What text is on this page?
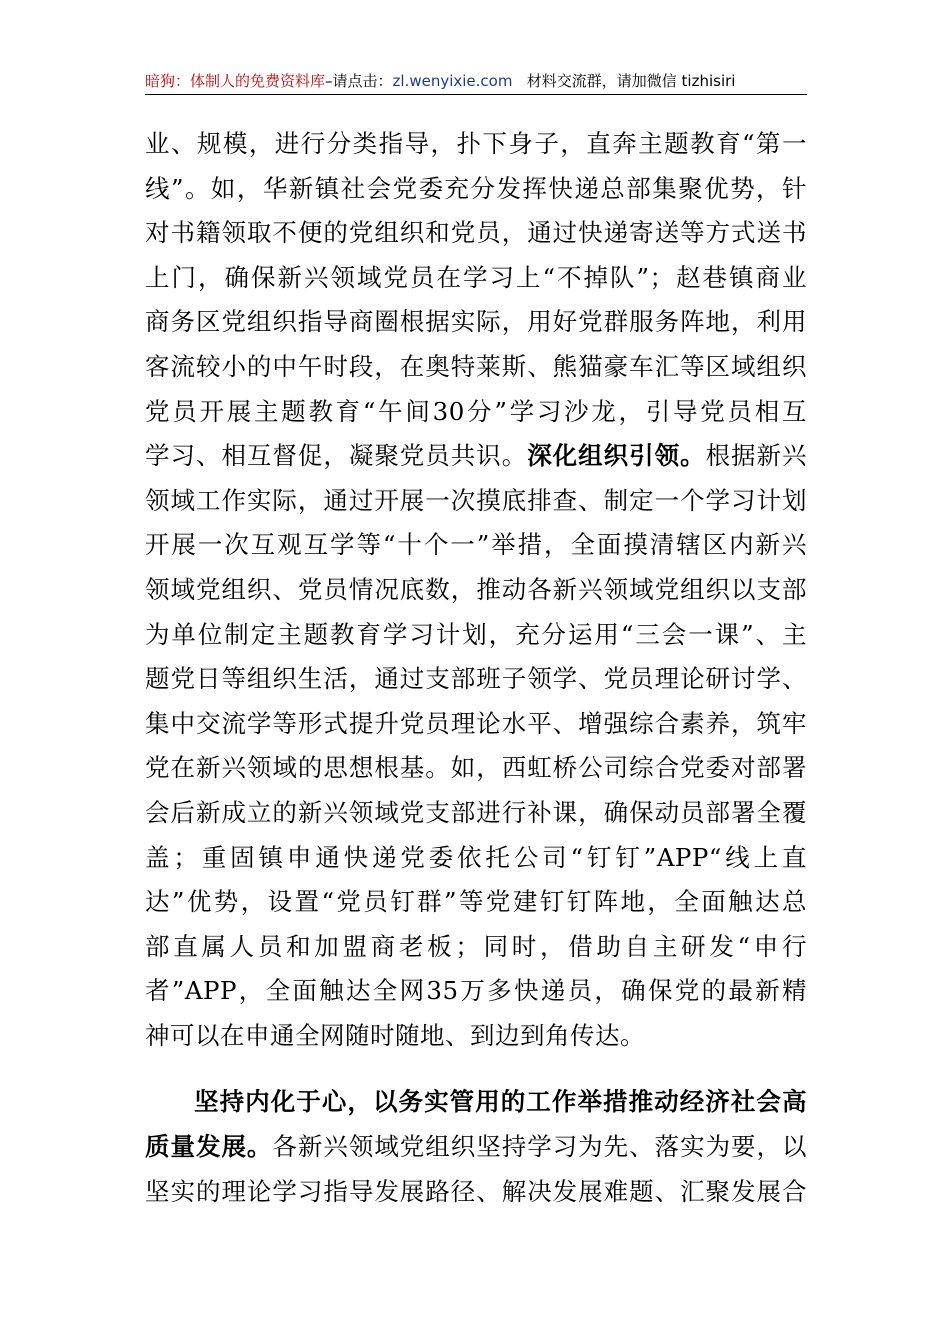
暗狗：体制人的免费资料库–请点击：zl.wenyixie.com 材料交流群，请加微信 tizhisiri
业、规模，进行分类指导，扑下身子，直奔主题教育“第一
线”。如，华新镇社会党委充分发挥快递总部集聚优势，针
对书籍领取不便的党组织和党员，通过快递寄送等方式送书
上门，确保新兴领域党员在学习上“不掉队”；赵巷镇商业
商务区党组织指导商圈根据实际，用好党群服务阵地，利用
客流较小的中午时段，在奥特莱斯、熊猫豪车汇等区域组织
党员开展主题教育“午间30分”学习沙龙，引导党员相互
学习、相互督促，凝聚党员共识。深化组织引领。根据新兴
领域工作实际，通过开展一次摸底排查、制定一个学习计划
开展一次互观互学等“十个一”举措，全面摸清辖区内新兴
领域党组织、党员情况底数，推动各新兴领域党组织以支部
为单位制定主题教育学习计划，充分运用“三会一课”、主
题党日等组织生活，通过支部班子领学、党员理论研讨学、
集中交流学等形式提升党员理论水平、增强综合素养，筑牢
党在新兴领域的思想根基。如，西虹桥公司综合党委对部署
会后新成立的新兴领域党支部进行补课，确保动员部署全覆
盖；重固镇申通快递党委依托公司“钉钉”APP“线上直
达”优势，设置“党员钉群”等党建钉钉阵地，全面触达总
部直属人员和加盟商老板；同时，借助自主研发“申行
者”APP，全面触达全网35万多快递员，确保党的最新精
神可以在申通全网随时随地、到边到角传达。
坚持内化于心，以务实管用的工作举措推动经济社会高
质量发展。各新兴领域党组织坚持学习为先、落实为要，以
坚实的理论学习指导发展路径、解决发展难题、汇聚发展合
